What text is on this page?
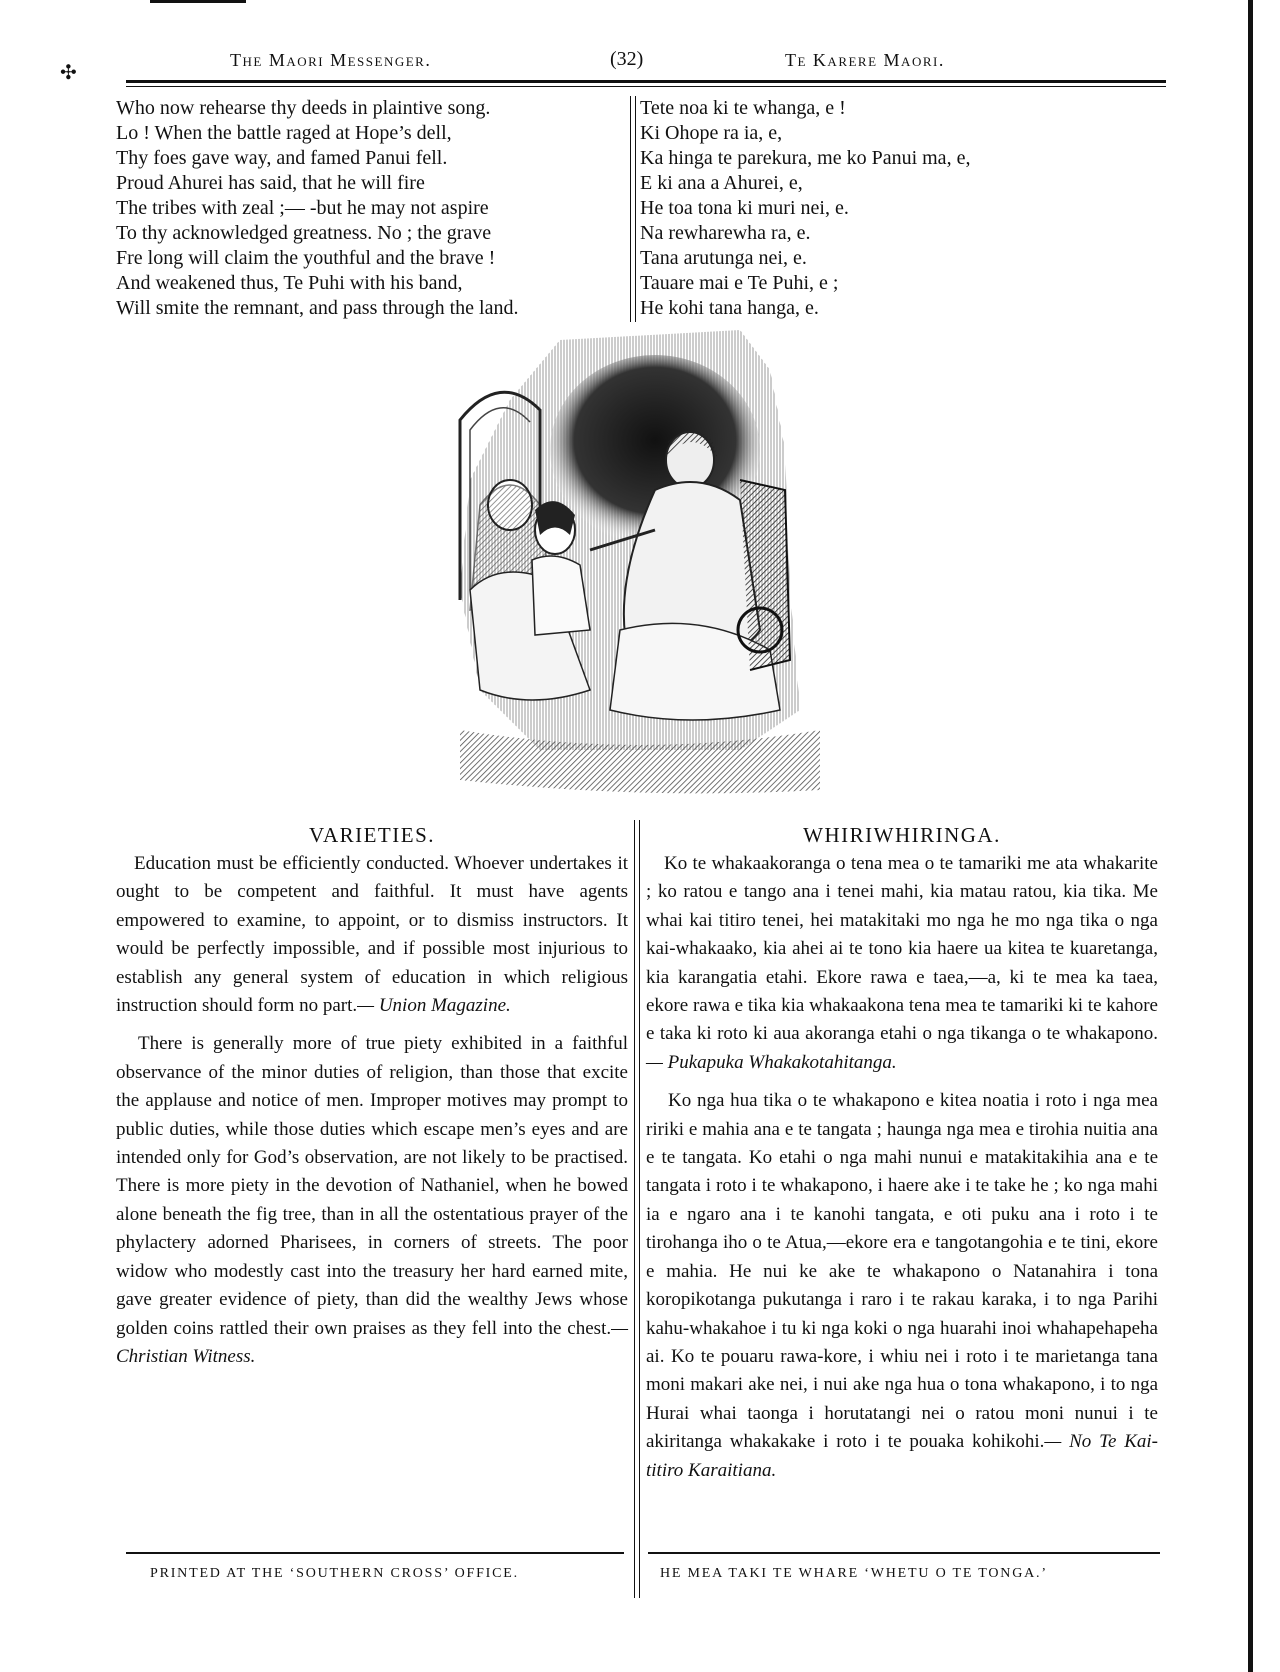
✣
The Maori Messenger.	(32)	Te Karere Maori.
Who now rehearse thy deeds in plaintive song.
Lo ! When the battle raged at Hope’s dell,
Thy foes gave way, and famed Panui fell.
Proud Ahurei has said, that he will fire
The tribes with zeal ;— -but he may not aspire
To thy acknowledged greatness. No ; the grave
Fre long will claim the youthful and the brave !
And weakened thus, Te Puhi with his band,
Will smite the remnant, and pass through the land.
Tete noa ki te whanga, e !
Ki Ohope ra ia, e,
Ka hinga te parekura, me ko Panui ma, e,
E ki ana a Ahurei, e,
He toa tona ki muri nei, e.
Na rewharewha ra, e.
Tana arutunga nei, e.
Tauare mai e Te Puhi, e ;
He kohi tana hanga, e.
VARIETIES.

Education must be efficiently conducted. Whoever undertakes it ought to be competent and faithful. It must have agents empowered to examine, to appoint, or to dismiss instructors. It would be perfectly impossible, and if possible most injurious to establish any general system of education in which religious instruction should form no part.— Union Magazine.

There is generally more of true piety exhibited in a faithful observance of the minor duties of religion, than those that excite the applause and notice of men. Improper motives may prompt to public duties, while those duties which escape men’s eyes and are intended only for God’s observation, are not likely to be practised. There is more piety in the devotion of Nathaniel, when he bowed alone beneath the fig tree, than in all the ostentatious prayer of the phylactery adorned Pharisees, in corners of streets. The poor widow who modestly cast into the treasury her hard earned mite, gave greater evidence of piety, than did the wealthy Jews whose golden coins rattled their own praises as they fell into the chest.— Christian Witness.

WHIRIWHIRINGA.

Ko te whakaakoranga o tena mea o te tamariki me ata whakarite ; ko ratou e tango ana i tenei mahi, kia matau ratou, kia tika. Me whai kai titiro tenei, hei matakitaki mo nga he mo nga tika o nga kai-whakaako, kia ahei ai te tono kia haere ua kitea te kuaretanga, kia karangatia etahi. Ekore rawa e taea,—a, ki te mea ka taea, ekore rawa e tika kia whakaakona tena mea te tamariki ki te kahore e taka ki roto ki aua akoranga etahi o nga tikanga o te whakapono.— Pukapuka Whakakotahitanga.

Ko nga hua tika o te whakapono e kitea noatia i roto i nga mea ririki e mahia ana e te tangata ; haunga nga mea e tirohia nuitia ana e te tangata. Ko etahi o nga mahi nunui e matakitakihia ana e te tangata i roto i te whakapono, i haere ake i te take he ; ko nga mahi ia e ngaro ana i te kanohi tangata, e oti puku ana i roto i te tirohanga iho o te Atua,—ekore era e tangotangohia e te tini, ekore e mahia. He nui ke ake te whakapono o Natanahira i tona koropikotanga pukutanga i raro i te rakau karaka, i to nga Parihi kahu-whakahoe i tu ki nga koki o nga huarahi inoi whahapehapeha ai. Ko te pouaru rawa-kore, i whiu nei i roto i te marietanga tana moni makari ake nei, i nui ake nga hua o tona whakapono, i to nga Hurai whai taonga i horutatangi nei o ratou moni nunui i te akiritanga whakakake i roto i te pouaka kohikohi.— No Te Kai-titiro Karaitiana.

PRINTED AT THE ‘SOUTHERN CROSS’ OFFICE.	HE MEA TAKI TE WHARE ‘WHETU O TE TONGA.’
